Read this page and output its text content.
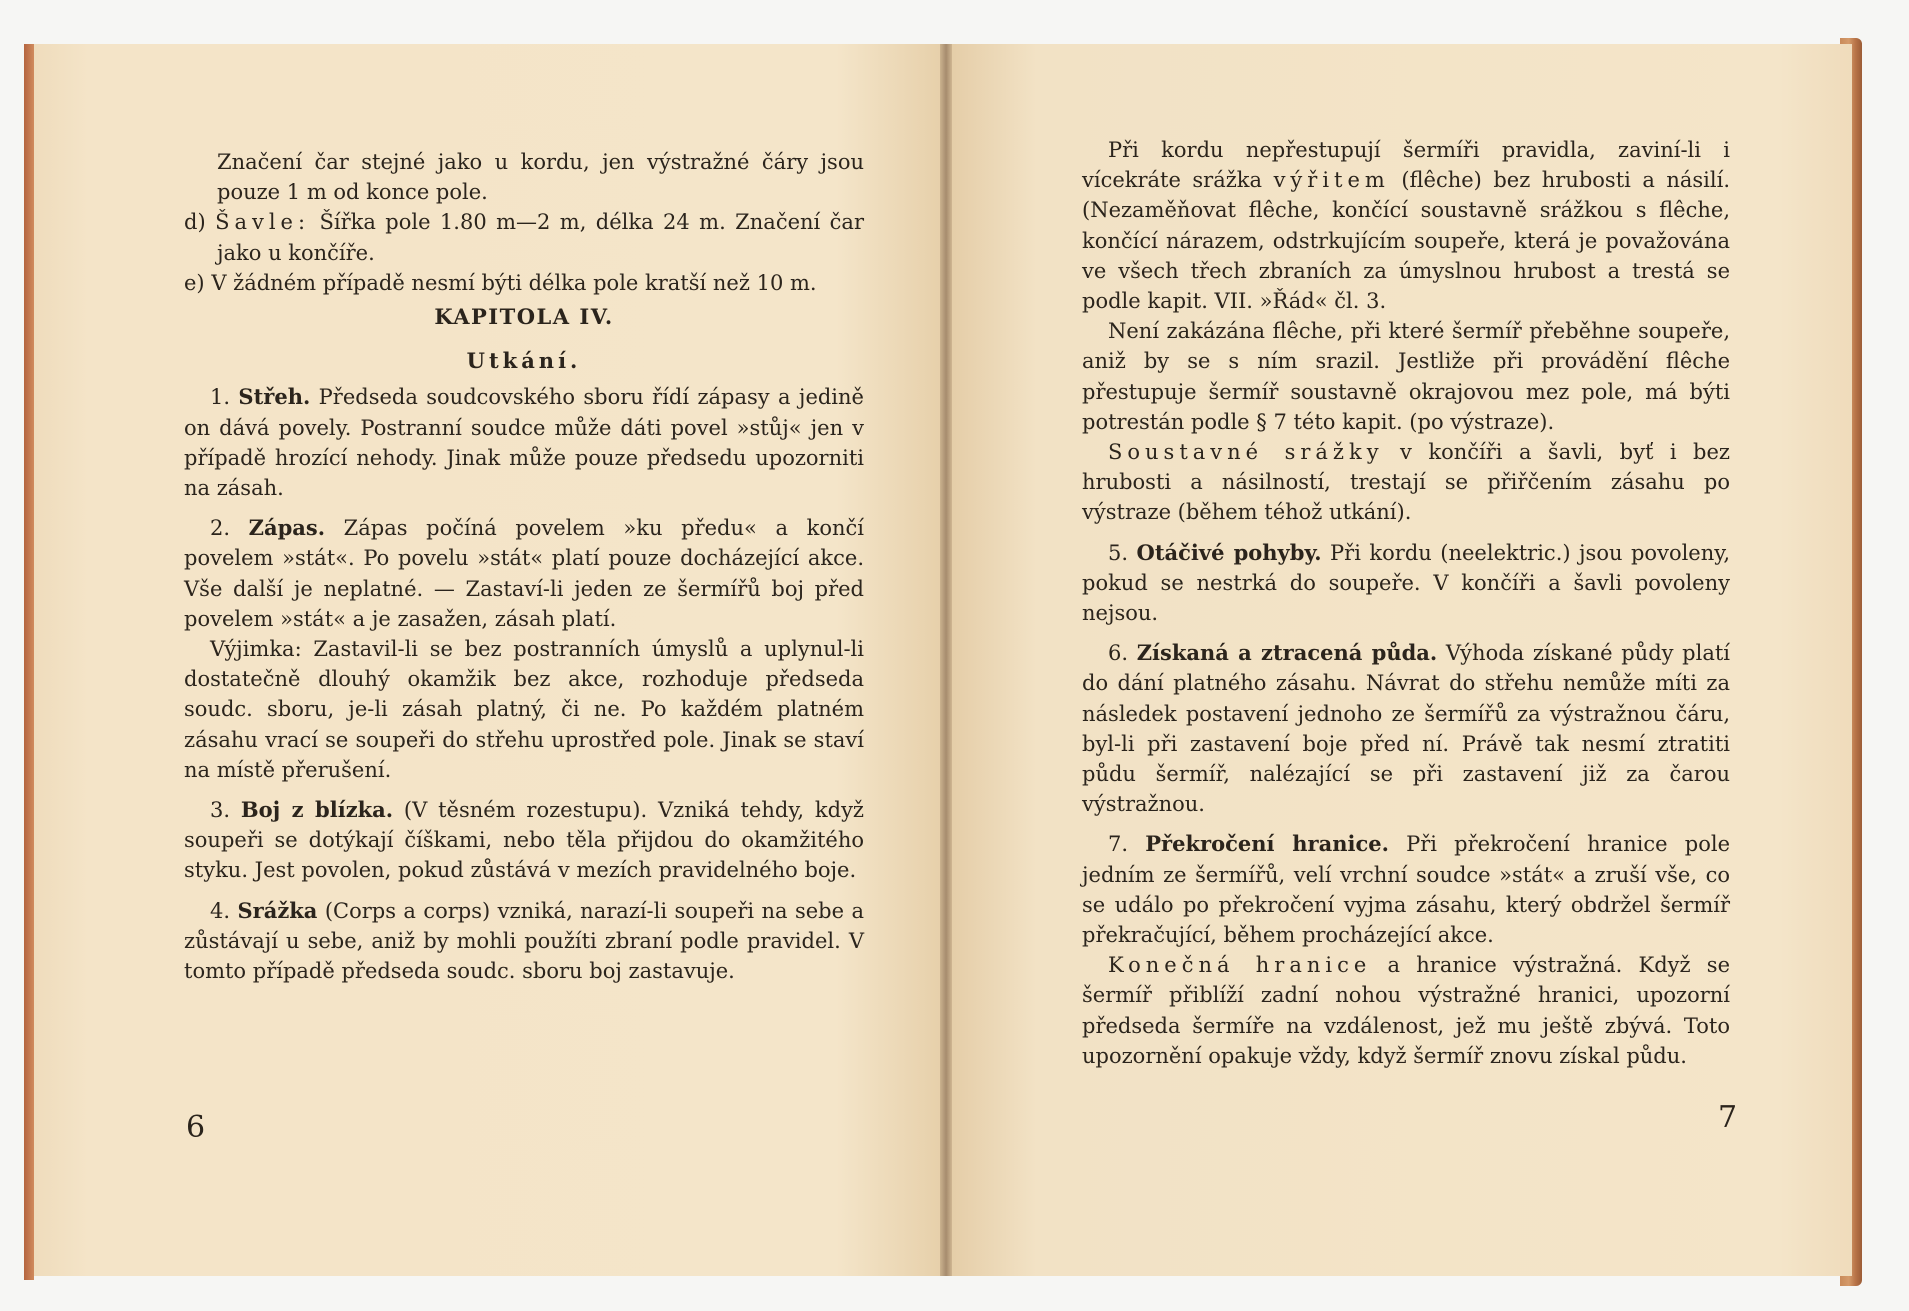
Značení čar stejné jako u kordu, jen výstražné čáry jsou pouze 1 m od konce pole.

d) Šavle: Šířka pole 1.80 m—2 m, délka 24 m. Značení čar jako u končíře.

e) V žádném případě nesmí býti délka pole kratší než 10 m.

KAPITOLA IV.

Utkání.

1. Střeh. Předseda soudcovského sboru řídí zápasy a jedině on dává povely. Postranní soudce může dáti povel »stůj« jen v případě hrozící nehody. Jinak může pouze předsedu upozorniti na zásah.

2. Zápas. Zápas počíná povelem »ku předu« a končí povelem »stát«. Po povelu »stát« platí pouze docházející akce. Vše další je neplatné. — Zastaví-li jeden ze šermířů boj před povelem »stát« a je zasažen, zásah platí.

Výjimka: Zastavil-li se bez postranních úmyslů a uplynul-li dostatečně dlouhý okamžik bez akce, rozhoduje předseda soudc. sboru, je-li zásah platný, či ne. Po každém platném zásahu vrací se soupeři do střehu uprostřed pole. Jinak se staví na místě přerušení.

3. Boj z blízka. (V těsném rozestupu). Vzniká tehdy, když soupeři se dotýkají číškami, nebo těla přijdou do okamžitého styku. Jest povolen, pokud zůstává v mezích pravidelného boje.

4. Srážka (Corps a corps) vzniká, narazí-li soupeři na sebe a zůstávají u sebe, aniž by mohli použíti zbraní podle pravidel. V tomto případě předseda soudc. sboru boj zastavuje.

6

Při kordu nepřestupují šermíři pravidla, zaviní-li i vícekráte srážka výřitem (flêche) bez hrubosti a násilí. (Nezaměňovat flêche, končící soustavně srážkou s flêche, končící nárazem, odstrkujícím soupeře, která je považována ve všech třech zbraních za úmyslnou hrubost a trestá se podle kapit. VII. »Řád« čl. 3.

Není zakázána flêche, při které šermíř přeběhne soupeře, aniž by se s ním srazil. Jestliže při provádění flêche přestupuje šermíř soustavně okrajovou mez pole, má býti potrestán podle § 7 této kapit. (po výstraze).

Soustavné srážky v končíři a šavli, byť i bez hrubosti a násilností, trestají se přiřčením zásahu po výstraze (během téhož utkání).

5. Otáčivé pohyby. Při kordu (neelektric.) jsou povoleny, pokud se nestrká do soupeře. V končíři a šavli povoleny nejsou.

6. Získaná a ztracená půda. Výhoda získané půdy platí do dání platného zásahu. Návrat do střehu nemůže míti za následek postavení jednoho ze šermířů za výstražnou čáru, byl-li při zastavení boje před ní. Právě tak nesmí ztratiti půdu šermíř, nalézající se při zastavení již za čarou výstražnou.

7. Překročení hranice. Při překročení hranice pole jedním ze šermířů, velí vrchní soudce »stát« a zruší vše, co se událo po překročení vyjma zásahu, který obdržel šermíř překračující, během procházející akce.

Konečná hranice a hranice výstražná. Když se šermíř přiblíží zadní nohou výstražné hranici, upozorní předseda šermíře na vzdálenost, jež mu ještě zbývá. Toto upozornění opakuje vždy, když šermíř znovu získal půdu.

7
